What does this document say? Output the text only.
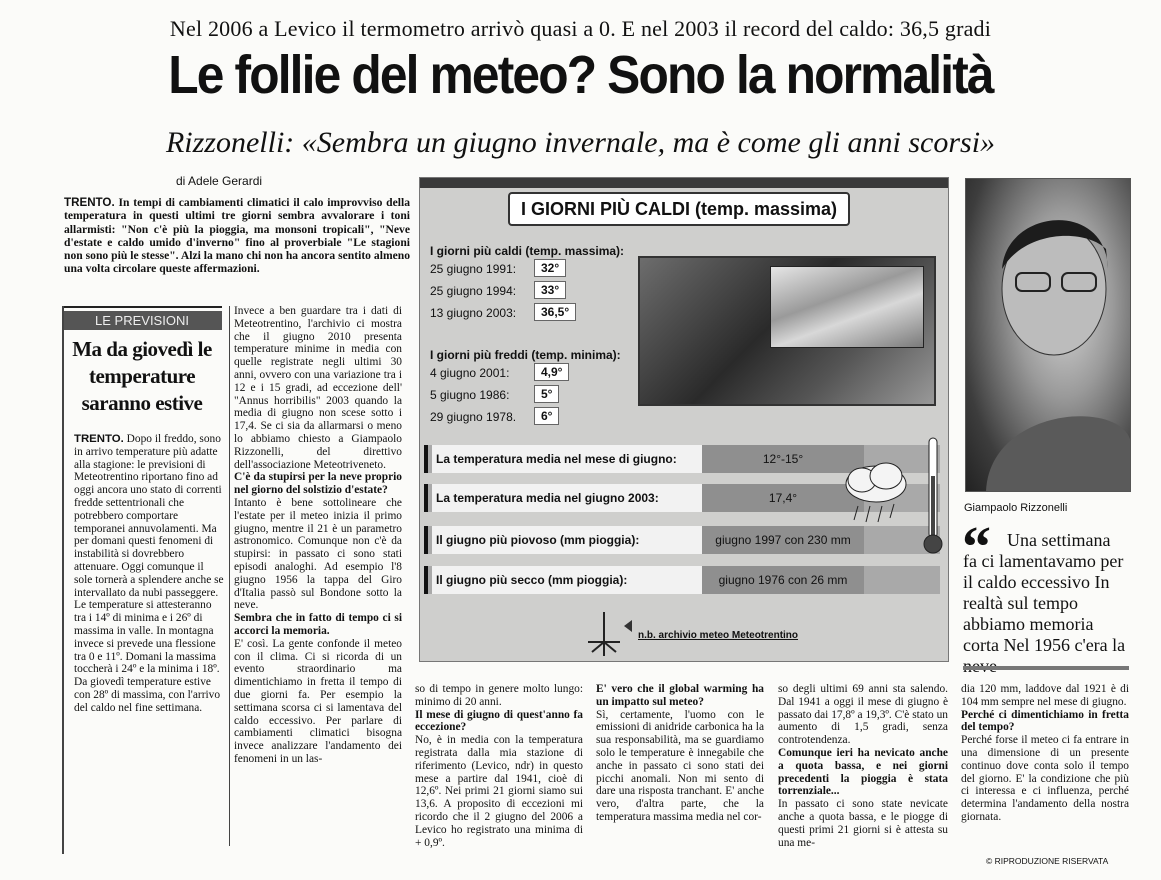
Nel 2006 a Levico il termometro arrivò quasi a 0. E nel 2003 il record del caldo: 36,5 gradi
Le follie del meteo? Sono la normalità
Rizzonelli: «Sembra un giugno invernale, ma è come gli anni scorsi»
di Adele Gerardi
TRENTO. In tempi di cambiamenti climatici il calo improvviso della temperatura in questi ultimi tre giorni sembra avvalorare i toni allarmisti: "Non c'è più la pioggia, ma monsoni tropicali", "Neve d'estate e caldo umido d'inverno" fino al proverbiale "Le stagioni non sono più le stesse". Alzi la mano chi non ha ancora sentito almeno una volta circolare queste affermazioni.
LE PREVISIONI
Ma da giovedì le temperature saranno estive

TRENTO. Dopo il freddo, sono in arrivo temperature più adatte alla stagione: le previsioni di Meteotrentino riportano fino ad oggi ancora uno stato di correnti fredde settentrionali che potrebbero comportare temporanei annuvolamenti. Ma per domani questi fenomeni di instabilità si dovrebbero attenuare. Oggi comunque il sole tornerà a splendere anche se intervallato da nubi passeggere. Le temperature si attesteranno tra i 14º di minima e i 26º di massima in valle. In montagna invece si prevede una flessione tra 0 e 11º. Domani la massima toccherà i 24º e la minima i 18º. Da giovedì temperature estive con 28º di massima, con l'arrivo del caldo nel fine settimana.

Invece a ben guardare tra i dati di Meteotrentino, l'archivio ci mostra che il giugno 2010 presenta temperature minime in media con quelle registrate negli ultimi 30 anni, ovvero con una variazione tra i 12 e i 15 gradi, ad eccezione dell' "Annus horribilis" 2003 quando la media di giugno non scese sotto i 17,4. Se ci sia da allarmarsi o meno lo abbiamo chiesto a Giampaolo Rizzonelli, del direttivo dell'associazione Meteotriveneto.

C'è da stupirsi per la neve proprio nel giorno del solstizio d'estate?

Intanto è bene sottolineare che l'estate per il meteo inizia il primo giugno, mentre il 21 è un parametro astronomico. Comunque non c'è da stupirsi: in passato ci sono stati episodi analoghi. Ad esempio l'8 giugno 1956 la tappa del Giro d'Italia passò sul Bondone sotto la neve.

Sembra che in fatto di tempo ci si accorci la memoria.

E' così. La gente confonde il meteo con il clima. Ci si ricorda di un evento straordinario ma dimentichiamo in fretta il tempo di due giorni fa. Per esempio la settimana scorsa ci si lamentava del caldo eccessivo. Per parlare di cambiamenti climatici bisogna invece analizzare l'andamento dei fenomeni in un las-

so di tempo in genere molto lungo: minimo di 20 anni.

Il mese di giugno di quest'anno fa eccezione?

No, è in media con la temperatura registrata dalla mia stazione di riferimento (Levico, ndr) in questo mese a partire dal 1941, cioè di 12,6º. Nei primi 21 giorni siamo sui 13,6. A proposito di eccezioni mi ricordo che il 2 giugno del 2006 a Levico ho registrato una minima di + 0,9º.

E' vero che il global warming ha un impatto sul meteo?

Sì, certamente, l'uomo con le emissioni di anidride carbonica ha la sua responsabilità, ma se guardiamo solo le temperature è innegabile che anche in passato ci sono stati dei picchi anomali. Non mi sento di dare una risposta tranchant. E' anche vero, d'altra parte, che la temperatura massima media nel cor-

so degli ultimi 69 anni sta salendo. Dal 1941 a oggi il mese di giugno è passato dai 17,8º a 19,3º. C'è stato un aumento di 1,5 gradi, senza controtendenza.

Comunque ieri ha nevicato anche a quota bassa, e nei giorni precedenti la pioggia è stata torrenziale...

In passato ci sono state nevicate anche a quota bassa, e le piogge di questi primi 21 giorni si è attesta su una me-

dia 120 mm, laddove dal 1921 è di 104 mm sempre nel mese di giugno.

Perché ci dimentichiamo in fretta del tempo?

Perché forse il meteo ci fa entrare in una dimensione di un presente continuo dove conta solo il tempo del giorno. E' la condizione che più ci interessa e ci influenza, perché determina l'andamento della nostra giornata.

I GIORNI PIÙ CALDI (temp. massima)
I giorni più caldi (temp. massima):
25 giugno 1991:	32°
25 giugno 1994:	33°
13 giugno 2003:	36,5°
I giorni più freddi (temp. minima):
4 giugno 2001:	4,9°
5 giugno 1986:	5°
29 giugno 1978.	6°
La temperatura media nel mese di giugno:	12°-15°
La temperatura media nel giugno 2003:	17,4°
Il giugno più piovoso (mm pioggia):	giugno 1997 con 230 mm
Il giugno più secco (mm pioggia):	giugno 1976 con 26 mm
n.b. archivio meteo Meteotrentino
Giampaolo Rizzonelli
“ Una settimana
fa ci lamentavamo per il caldo eccessivo In realtà sul tempo abbiamo memoria corta Nel 1956 c'era la
© RIPRODUZIONE RISERVATA
